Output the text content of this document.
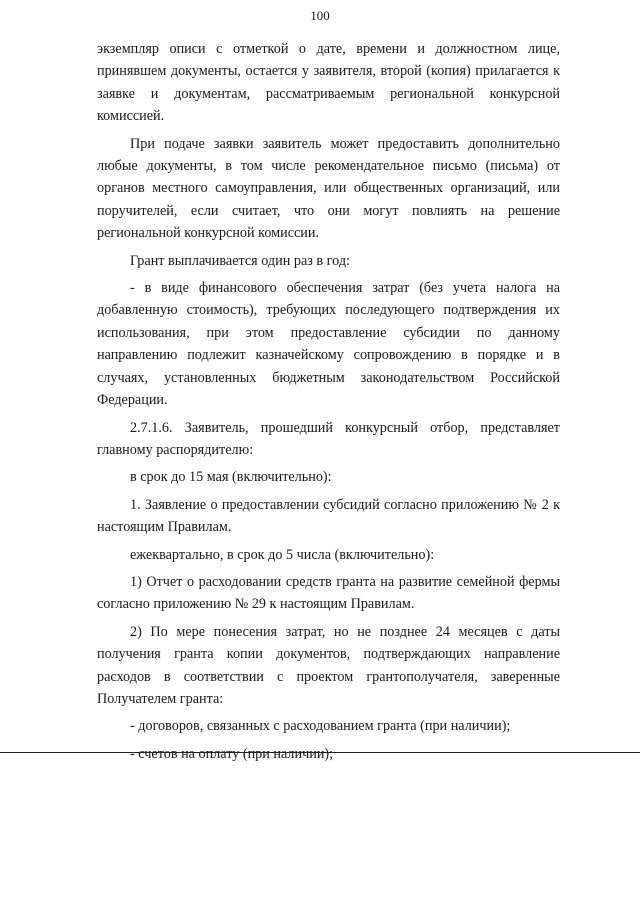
100

экземпляр описи с отметкой о дате, времени и должностном лице, принявшем документы, остается у заявителя, второй (копия) прилагается к заявке и документам, рассматриваемым региональной конкурсной комиссией.

При подаче заявки заявитель может предоставить дополнительно любые документы, в том числе рекомендательное письмо (письма) от органов местного самоуправления, или общественных организаций, или поручителей, если считает, что они могут повлиять на решение региональной конкурсной комиссии.

Грант выплачивается один раз в год:

- в виде финансового обеспечения затрат (без учета налога на добавленную стоимость), требующих последующего подтверждения их использования, при этом предоставление субсидии по данному направлению подлежит казначейскому сопровождению в порядке и в случаях, установленных бюджетным законодательством Российской Федерации.

2.7.1.6. Заявитель, прошедший конкурсный отбор, представляет главному распорядителю:

в срок до 15 мая (включительно):

1. Заявление о предоставлении субсидий согласно приложению № 2 к настоящим Правилам.

ежеквартально, в срок до 5 числа (включительно):

1) Отчет о расходовании средств гранта на развитие семейной фермы согласно приложению № 29 к настоящим Правилам.

2) По мере понесения затрат, но не позднее 24 месяцев с даты получения гранта копии документов, подтверждающих направление расходов в соответствии с проектом грантополучателя, заверенные Получателем гранта:

- договоров, связанных с расходованием гранта (при наличии);

- счетов на оплату (при наличии);
